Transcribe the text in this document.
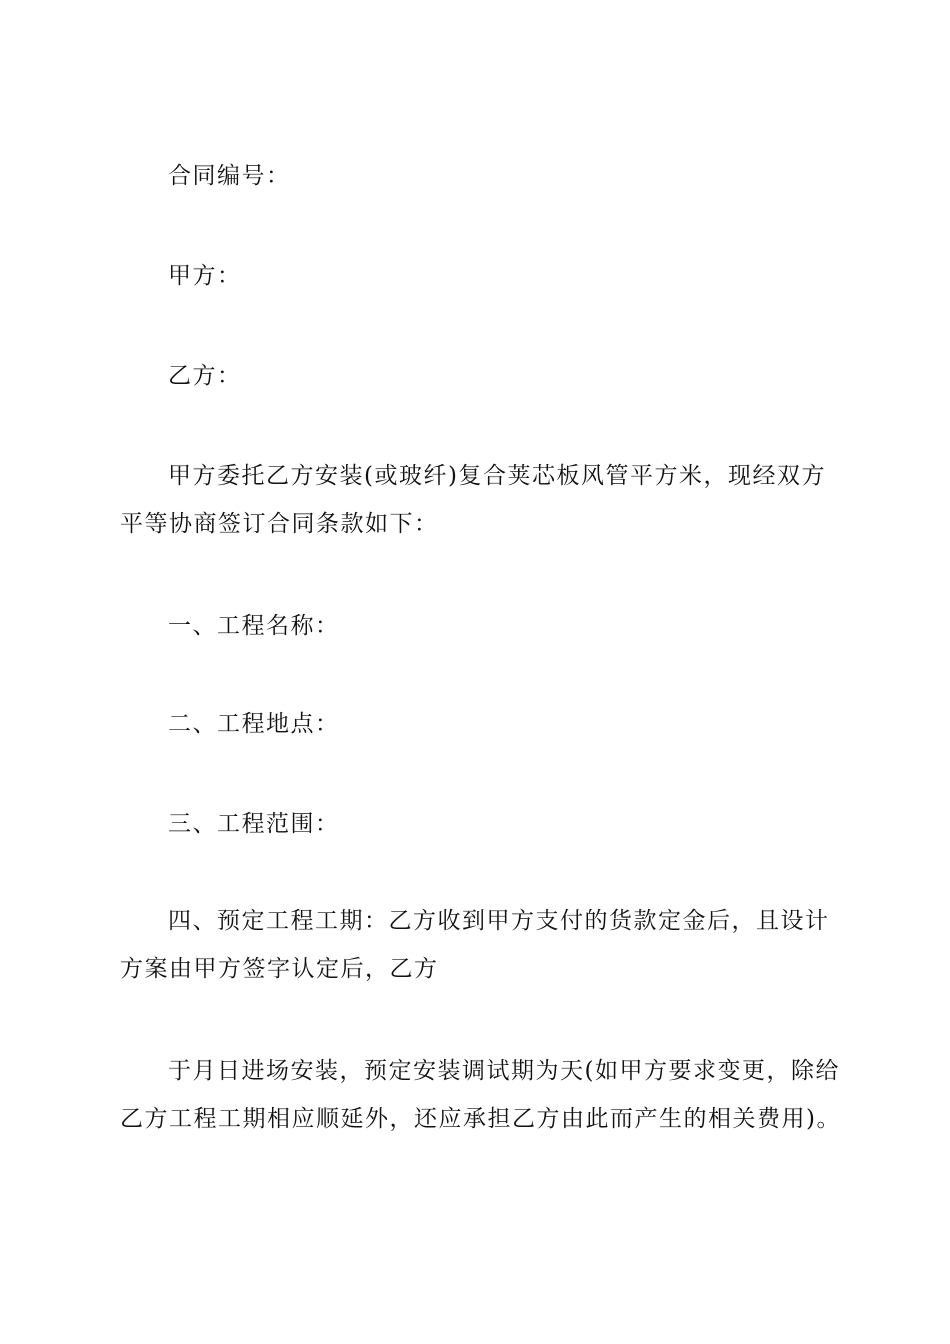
合同编号：
甲方：
乙方：
甲方委托乙方安装(或玻纤)复合荚芯板风管平方米，现经双方
平等协商签订合同条款如下：
一、工程名称：
二、工程地点：
三、工程范围：
四、预定工程工期：乙方收到甲方支付的货款定金后，且设计
方案由甲方签字认定后，乙方
于月日进场安装，预定安装调试期为天(如甲方要求变更，除给
乙方工程工期相应顺延外，还应承担乙方由此而产生的相关费用)。
